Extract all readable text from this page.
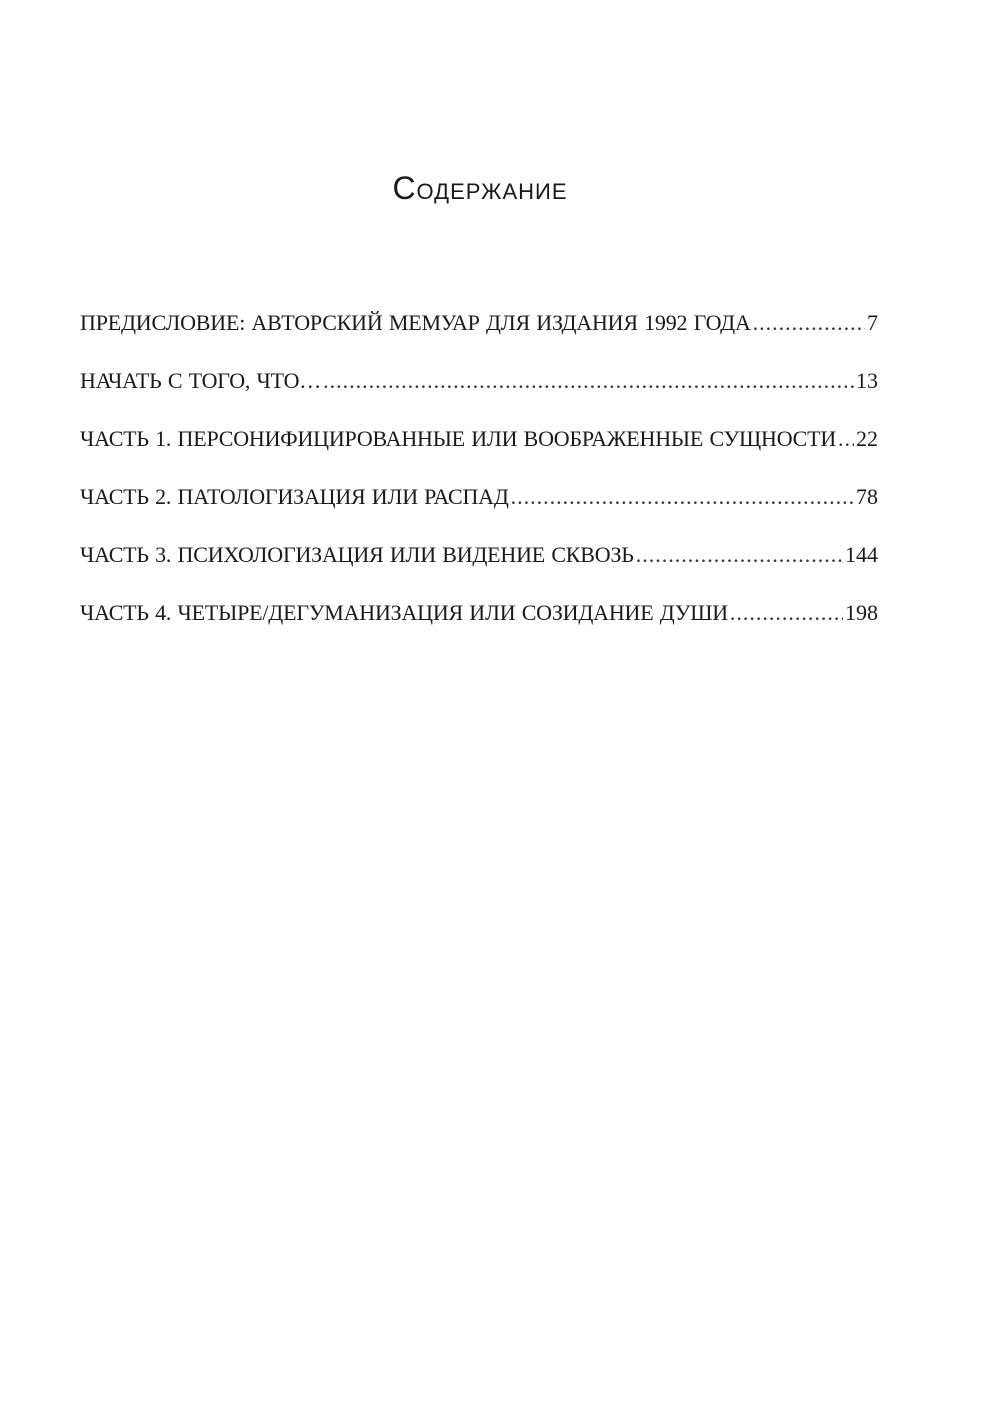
Содержание
ПРЕДИСЛОВИЕ: АВТОРСКИЙ МЕМУАР ДЛЯ ИЗДАНИЯ 1992 ГОДА .....	7
НАЧАТЬ С ТОГО, ЧТО… .....	13
ЧАСТЬ 1. ПЕРСОНИФИЦИРОВАННЫЕ ИЛИ ВООБРАЖЕННЫЕ СУЩНОСТИ ..... 22
ЧАСТЬ 2. ПАТОЛОГИЗАЦИЯ ИЛИ РАСПАД .....	78
ЧАСТЬ 3. ПСИХОЛОГИЗАЦИЯ ИЛИ ВИДЕНИЕ СКВОЗЬ .....	144
ЧАСТЬ 4. ЧЕТЫРЕ/ДЕГУМАНИЗАЦИЯ ИЛИ СОЗИДАНИЕ ДУШИ .....	198
